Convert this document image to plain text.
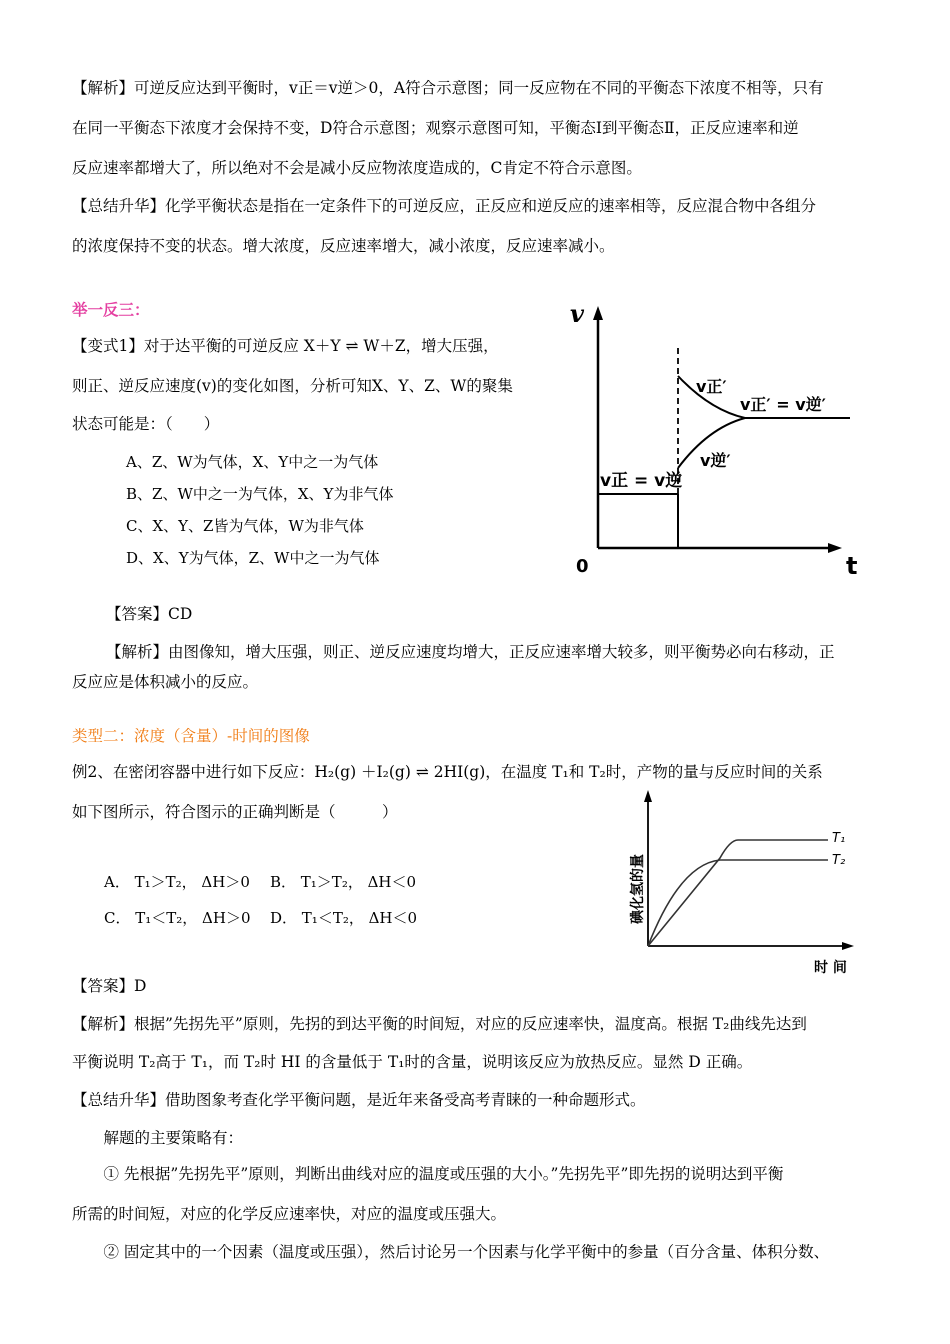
【解析】可逆反应达到平衡时，v正＝v逆＞0，A符合示意图；同一反应物在不同的平衡态下浓度不相等，只有
在同一平衡态下浓度才会保持不变，D符合示意图；观察示意图可知，平衡态Ⅰ到平衡态Ⅱ，正反应速率和逆
反应速率都增大了，所以绝对不会是减小反应物浓度造成的，C肯定不符合示意图。
【总结升华】化学平衡状态是指在一定条件下的可逆反应，正反应和逆反应的速率相等，反应混合物中各组分
的浓度保持不变的状态。增大浓度，反应速率增大，减小浓度，反应速率减小。
举一反三：
【变式1】对于达平衡的可逆反应 X＋Y ⇌ W＋Z，增大压强，
则正、逆反应速度(v)的变化如图，分析可知X、Y、Z、W的聚集
状态可能是：（　　）
A、Z、W为气体，X、Y中之一为气体
B、Z、W中之一为气体，X、Y为非气体
C、X、Y、Z皆为气体，W为非气体
D、X、Y为气体，Z、W中之一为气体
v
t
0
v正 = v逆
v正′
v逆′
v正′ = v逆′
【答案】CD
【解析】由图像知，增大压强，则正、逆反应速度均增大，正反应速率增大较多，则平衡势必向右移动，正
反应应是体积减小的反应。
类型二：浓度（含量）-时间的图像
例2、在密闭容器中进行如下反应：H₂(g) ＋I₂(g) ⇌ 2HI(g)，在温度 T₁和 T₂时，产物的量与反应时间的关系
如下图所示，符合图示的正确判断是（　　　）
A． T₁＞T₂， ΔH＞0 B． T₁＞T₂， ΔH＜0
C． T₁＜T₂， ΔH＞0 D． T₁＜T₂， ΔH＜0
T₁
T₂
时 间
碘化氢的量
【答案】D
【解析】根据”先拐先平”原则，先拐的到达平衡的时间短，对应的反应速率快，温度高。根据 T₂曲线先达到
平衡说明 T₂高于 T₁，而 T₂时 HI 的含量低于 T₁时的含量，说明该反应为放热反应。显然 D 正确。
【总结升华】借助图象考查化学平衡问题，是近年来备受高考青睐的一种命题形式。
　解题的主要策略有：
　① 先根据”先拐先平”原则，判断出曲线对应的温度或压强的大小。”先拐先平”即先拐的说明达到平衡
所需的时间短，对应的化学反应速率快，对应的温度或压强大。
　② 固定其中的一个因素（温度或压强），然后讨论另一个因素与化学平衡中的参量（百分含量、体积分数、
